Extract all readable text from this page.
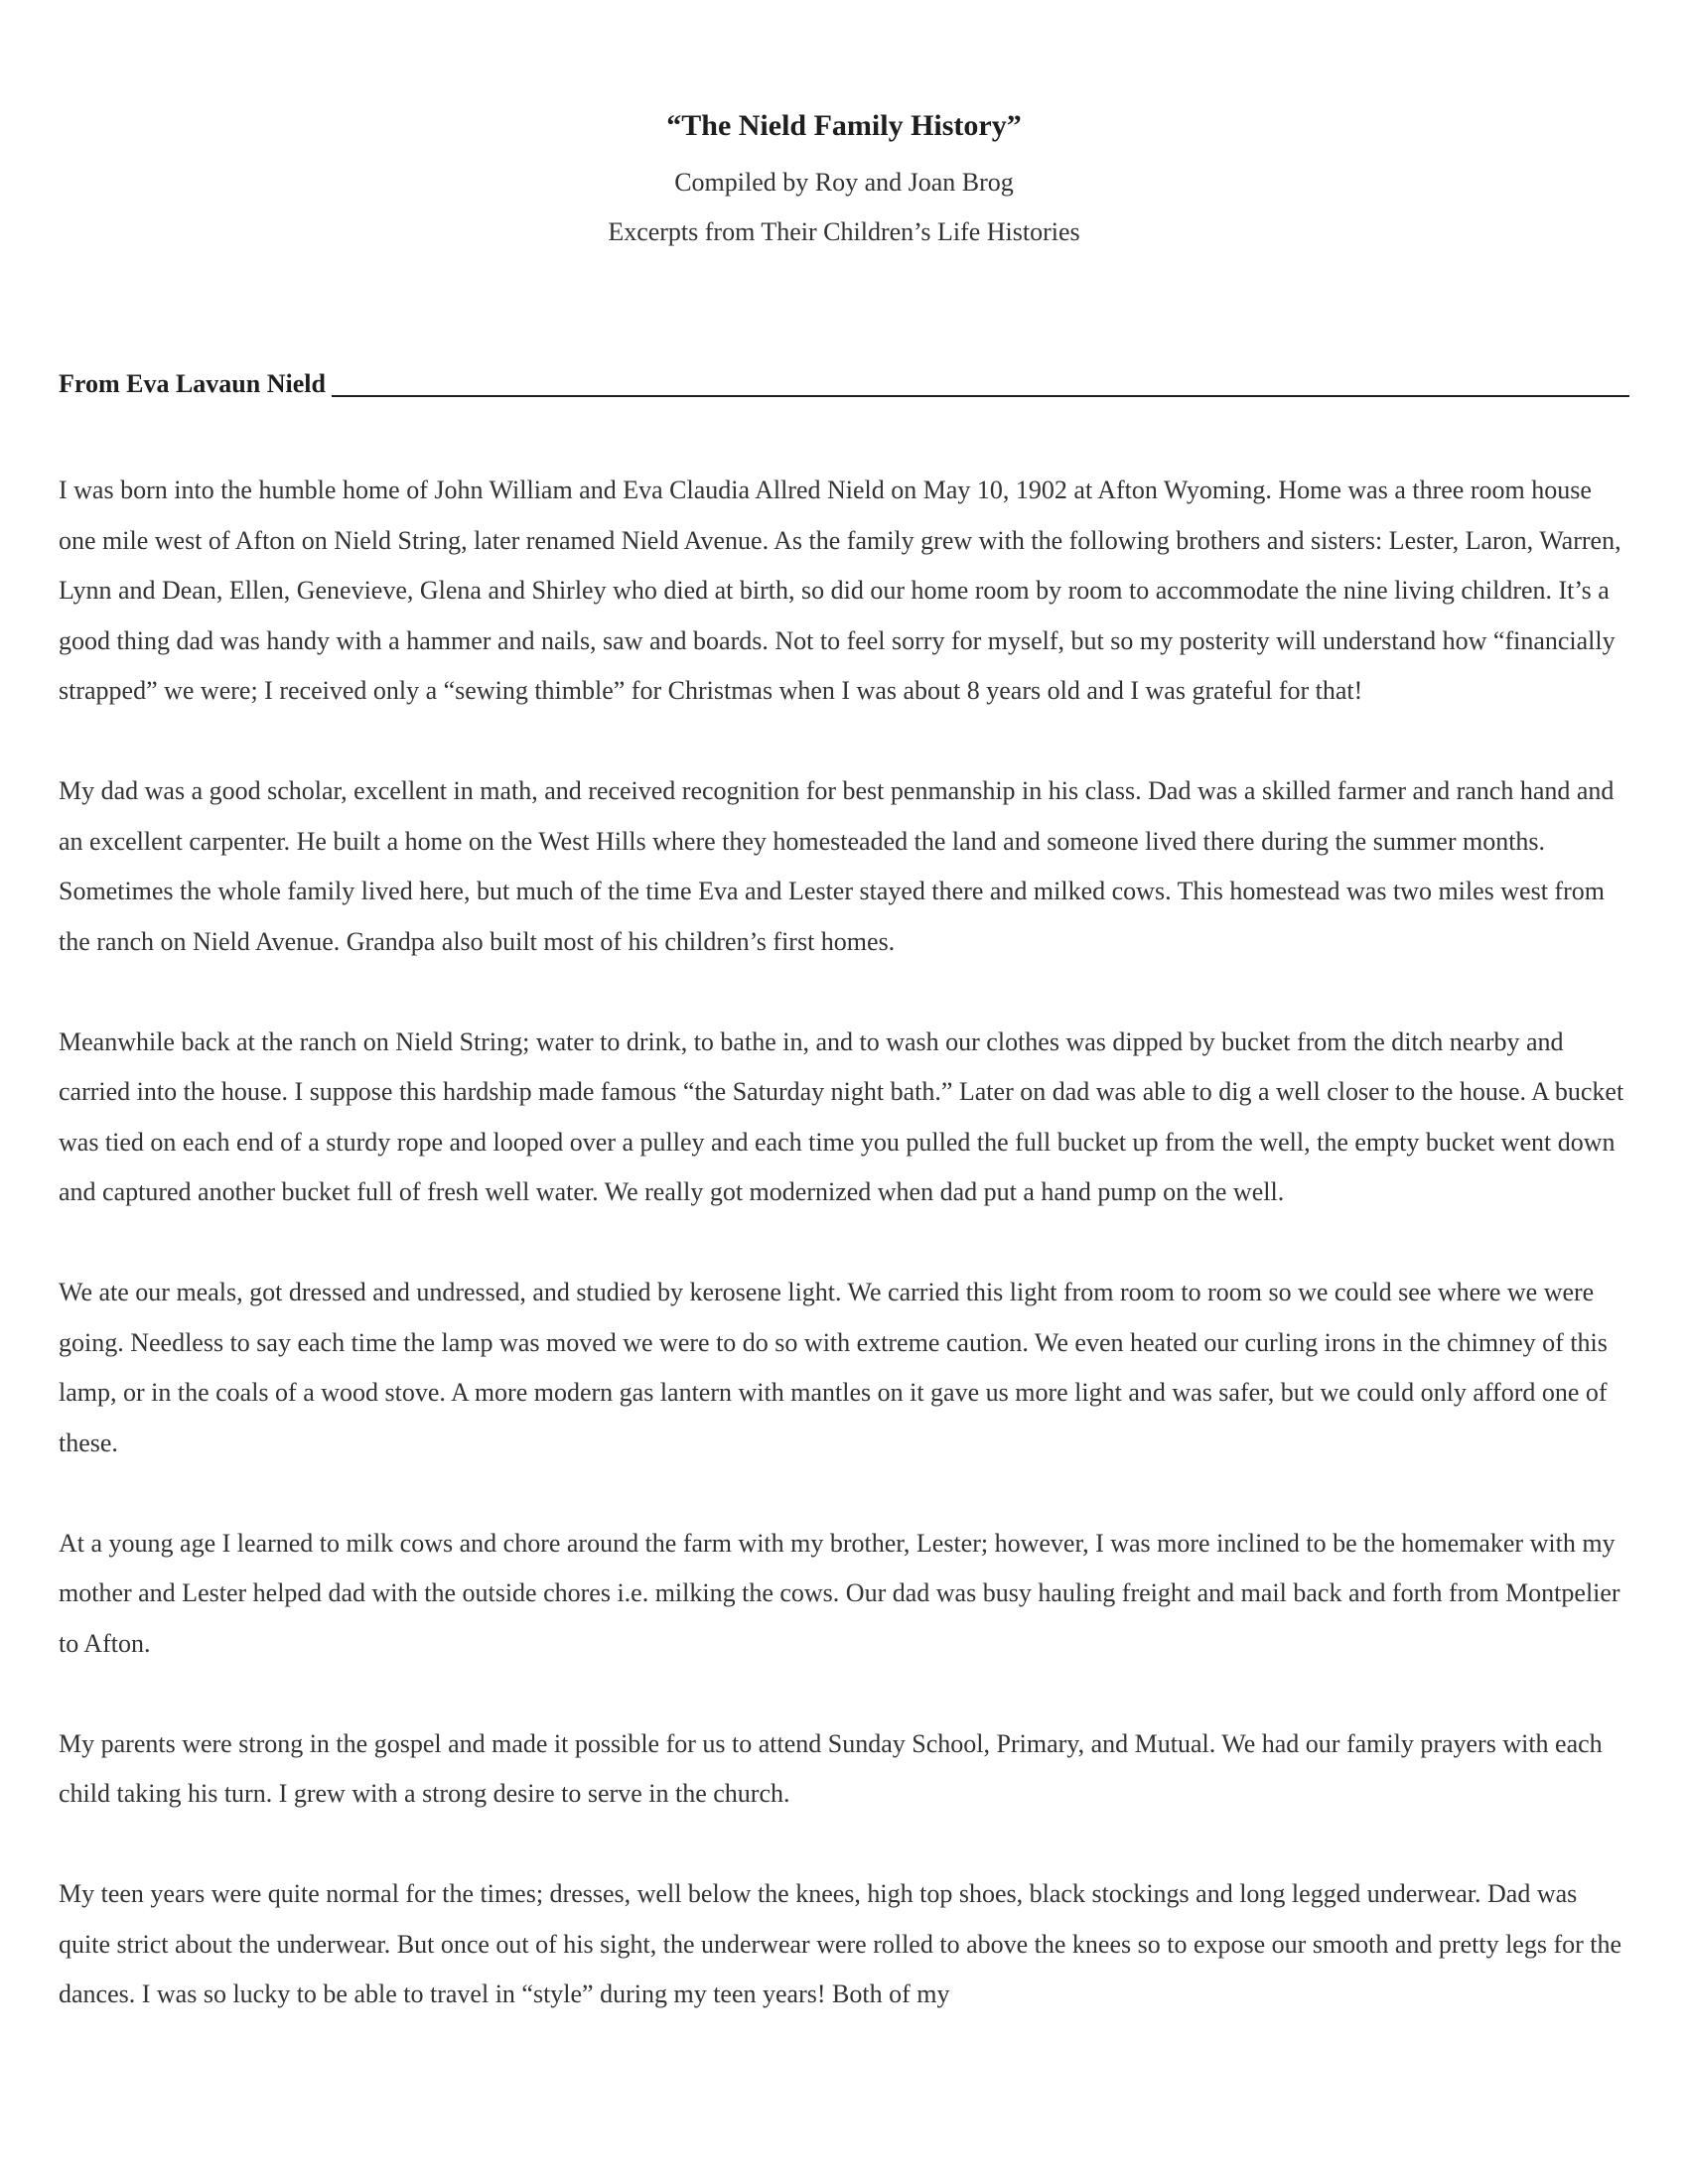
“The Nield Family History”
Compiled by Roy and Joan Brog
Excerpts from Their Children’s Life Histories
From Eva Lavaun Nield

I was born into the humble home of John William and Eva Claudia Allred Nield on May 10, 1902 at Afton Wyoming. Home was a three room house one mile west of Afton on Nield String, later renamed Nield Avenue. As the family grew with the following brothers and sisters: Lester, Laron, Warren, Lynn and Dean, Ellen, Genevieve, Glena and Shirley who died at birth, so did our home room by room to accommodate the nine living children. It’s a good thing dad was handy with a hammer and nails, saw and boards. Not to feel sorry for myself, but so my posterity will understand how “financially strapped” we were; I received only a “sewing thimble” for Christmas when I was about 8 years old and I was grateful for that!

My dad was a good scholar, excellent in math, and received recognition for best penmanship in his class. Dad was a skilled farmer and ranch hand and an excellent carpenter. He built a home on the West Hills where they homesteaded the land and someone lived there during the summer months. Sometimes the whole family lived here, but much of the time Eva and Lester stayed there and milked cows. This homestead was two miles west from the ranch on Nield Avenue. Grandpa also built most of his children’s first homes.

Meanwhile back at the ranch on Nield String; water to drink, to bathe in, and to wash our clothes was dipped by bucket from the ditch nearby and carried into the house. I suppose this hardship made famous “the Saturday night bath.” Later on dad was able to dig a well closer to the house. A bucket was tied on each end of a sturdy rope and looped over a pulley and each time you pulled the full bucket up from the well, the empty bucket went down and captured another bucket full of fresh well water. We really got modernized when dad put a hand pump on the well.

We ate our meals, got dressed and undressed, and studied by kerosene light. We carried this light from room to room so we could see where we were going. Needless to say each time the lamp was moved we were to do so with extreme caution. We even heated our curling irons in the chimney of this lamp, or in the coals of a wood stove. A more modern gas lantern with mantles on it gave us more light and was safer, but we could only afford one of these.

At a young age I learned to milk cows and chore around the farm with my brother, Lester; however, I was more inclined to be the homemaker with my mother and Lester helped dad with the outside chores i.e. milking the cows. Our dad was busy hauling freight and mail back and forth from Montpelier to Afton.

My parents were strong in the gospel and made it possible for us to attend Sunday School, Primary, and Mutual. We had our family prayers with each child taking his turn. I grew with a strong desire to serve in the church.

My teen years were quite normal for the times; dresses, well below the knees, high top shoes, black stockings and long legged underwear. Dad was quite strict about the underwear. But once out of his sight, the underwear were rolled to above the knees so to expose our smooth and pretty legs for the dances. I was so lucky to be able to travel in “style” during my teen years! Both of my
